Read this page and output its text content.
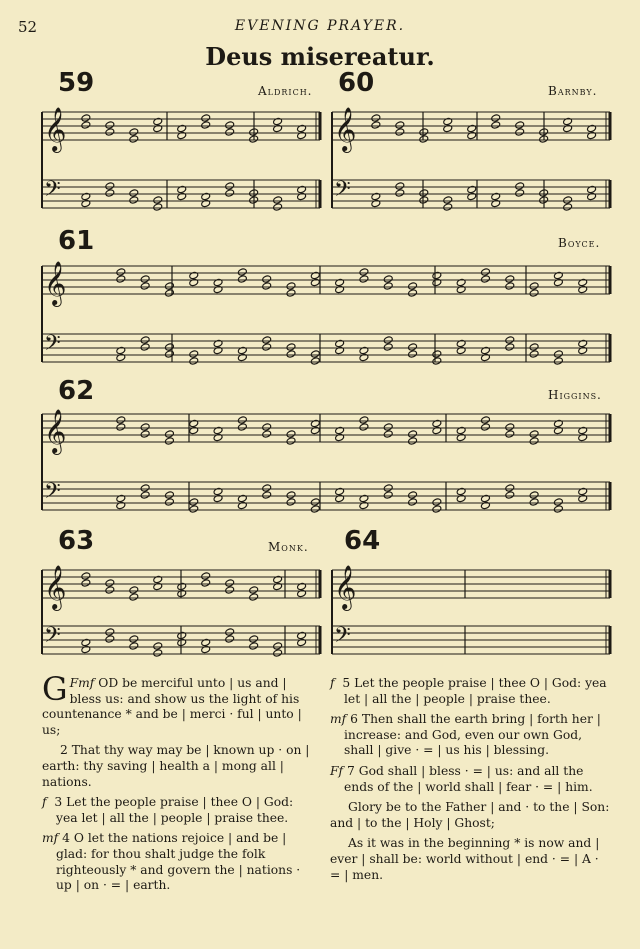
52	EVENING PRAYER.
Deus misereatur.
59	Aldrich. 60	Barnby.
61	Boyce.
62	Higgins.
63	Monk. 64
𝄞
𝄢
𝄞
𝄢
𝄞
𝄢
𝄞
𝄢
𝄞
𝄢
𝄞
𝄢

Fmf
G OD be merciful unto | us and | bless us: and show us the light of his countenance * and be | merci · ful | unto | us;

2 That thy way may be | known up · on | earth: thy saving | health a | mong all | nations.

f 3 Let the people praise | thee O | God: yea let | all the | people | praise thee.

mf 4 O let the nations rejoice | and be | glad: for thou shalt judge the folk righteously * and govern the | nations · up | on · = | earth.

f 5 Let the people praise | thee O | God: yea let | all the | people | praise thee.

mf 6 Then shall the earth bring | forth her | increase: and God, even our own God, shall | give · = | us his | blessing.

Ff 7 God shall | bless · = | us: and all the ends of the | world shall | fear · = | him.

Glory be to the Father | and · to the | Son: and | to the | Holy | Ghost;

As it was in the beginning * is now and | ever | shall be: world without | end · = | A · = | men.
